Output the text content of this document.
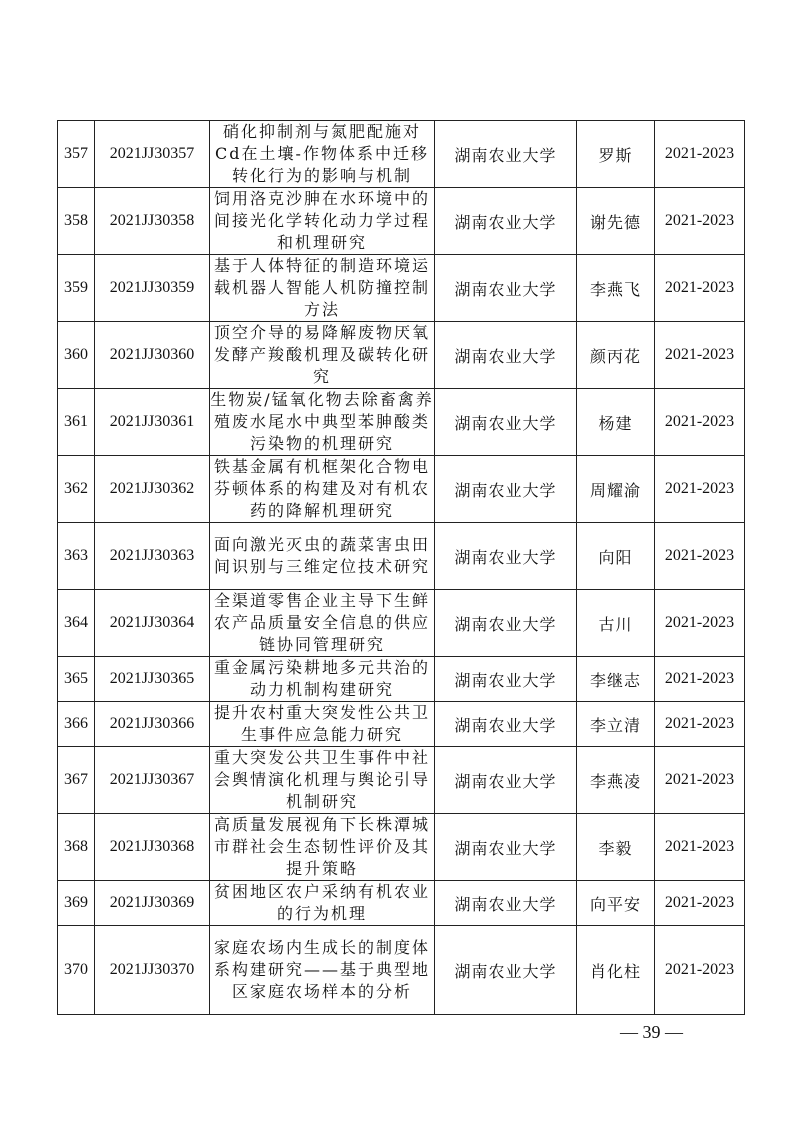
357	2021JJ30357	硝化抑制剂与氮肥配施对Cd在土壤-作物体系中迁移转化行为的影响与机制	湖南农业大学	罗斯	2021-2023
358	2021JJ30358	饲用洛克沙胂在水环境中的间接光化学转化动力学过程和机理研究	湖南农业大学	谢先德	2021-2023
359	2021JJ30359	基于人体特征的制造环境运载机器人智能人机防撞控制方法	湖南农业大学	李燕飞	2021-2023
360	2021JJ30360	顶空介导的易降解废物厌氧发酵产羧酸机理及碳转化研究	湖南农业大学	颜丙花	2021-2023
361	2021JJ30361	生物炭/锰氧化物去除畜禽养殖废水尾水中典型苯胂酸类污染物的机理研究	湖南农业大学	杨建	2021-2023
362	2021JJ30362	铁基金属有机框架化合物电芬顿体系的构建及对有机农药的降解机理研究	湖南农业大学	周耀渝	2021-2023
363	2021JJ30363	面向激光灭虫的蔬菜害虫田间识别与三维定位技术研究	湖南农业大学	向阳	2021-2023
364	2021JJ30364	全渠道零售企业主导下生鲜农产品质量安全信息的供应链协同管理研究	湖南农业大学	古川	2021-2023
365	2021JJ30365	重金属污染耕地多元共治的动力机制构建研究	湖南农业大学	李继志	2021-2023
366	2021JJ30366	提升农村重大突发性公共卫生事件应急能力研究	湖南农业大学	李立清	2021-2023
367	2021JJ30367	重大突发公共卫生事件中社会舆情演化机理与舆论引导机制研究	湖南农业大学	李燕凌	2021-2023
368	2021JJ30368	高质量发展视角下长株潭城市群社会生态韧性评价及其提升策略	湖南农业大学	李毅	2021-2023
369	2021JJ30369	贫困地区农户采纳有机农业的行为机理	湖南农业大学	向平安	2021-2023
370	2021JJ30370	家庭农场内生成长的制度体系构建研究——基于典型地区家庭农场样本的分析	湖南农业大学	肖化柱	2021-2023
— 39 —
